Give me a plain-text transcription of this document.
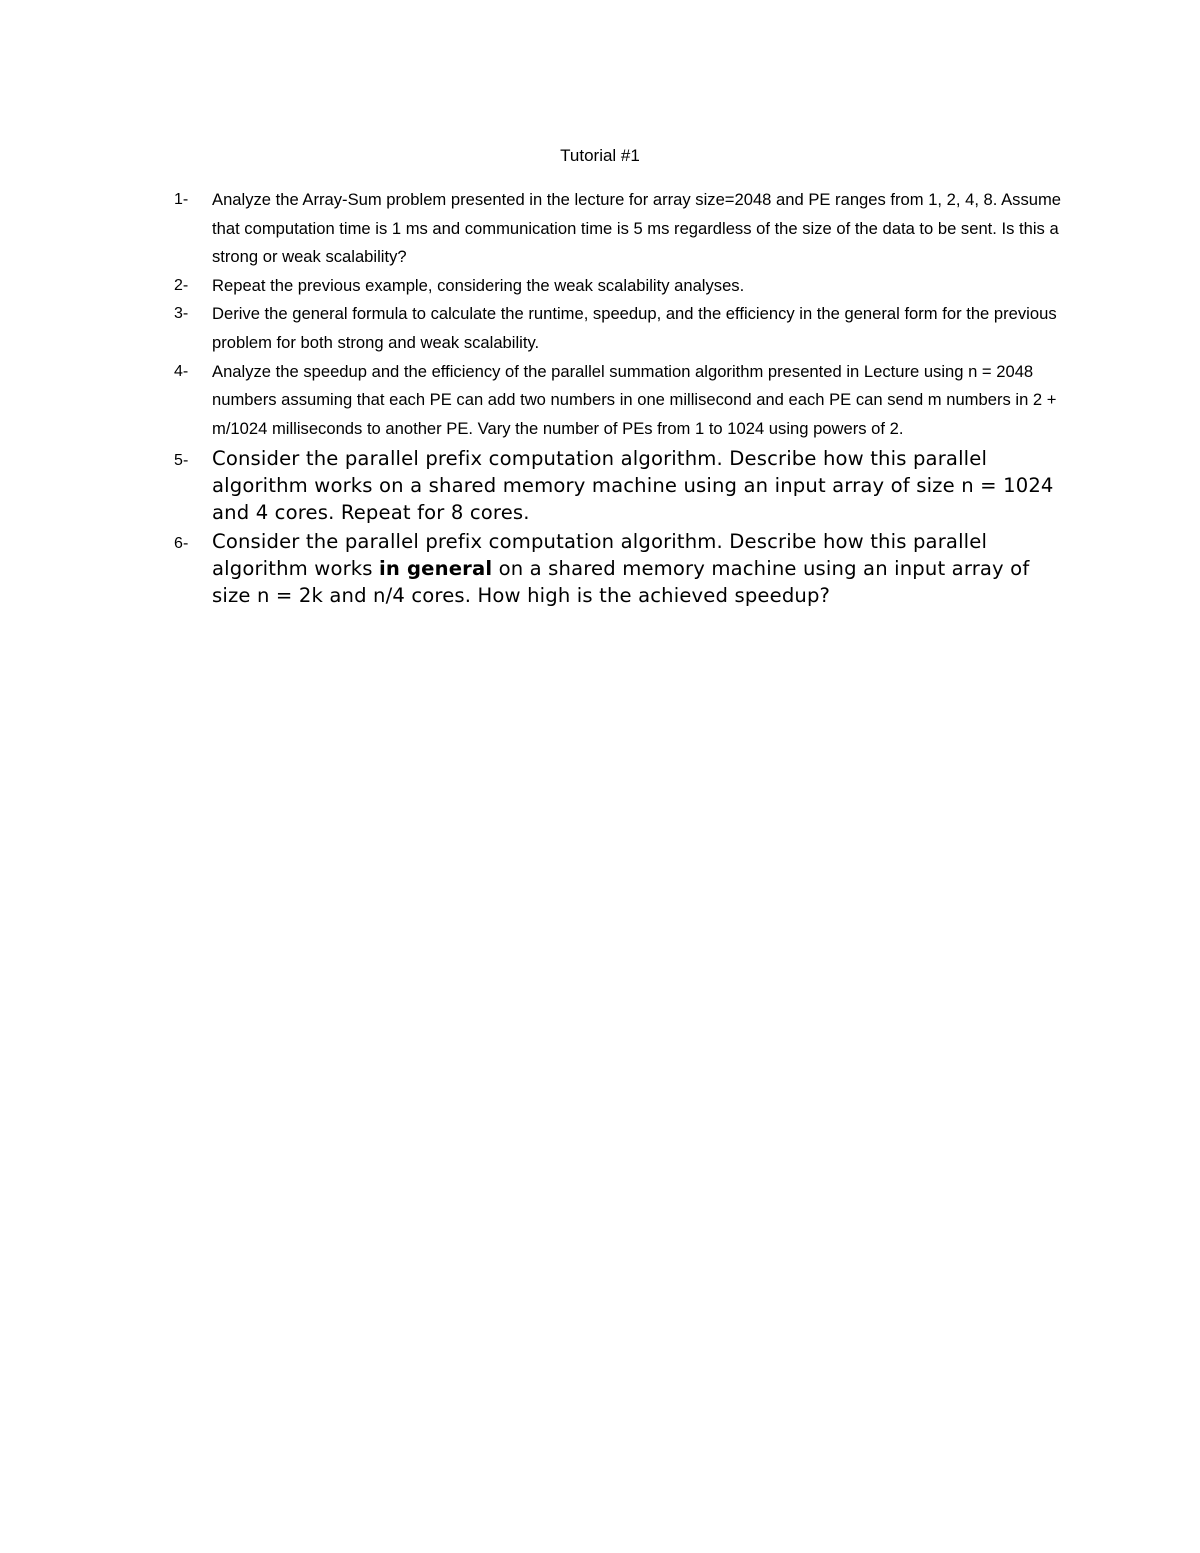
Tutorial #1
1-	Analyze the Array-Sum problem presented in the lecture for array size=2048 and PE ranges from 1, 2, 4, 8. Assume that computation time is 1 ms and communication time is 5 ms regardless of the size of the data to be sent. Is this a strong or weak scalability?
2-	Repeat the previous example, considering the weak scalability analyses.
3-	Derive the general formula to calculate the runtime, speedup, and the efficiency in the general form for the previous problem for both strong and weak scalability.
4-	Analyze the speedup and the efficiency of the parallel summation algorithm presented in Lecture using n = 2048 numbers assuming that each PE can add two numbers in one millisecond and each PE can send m numbers in 2 + m/1024 milliseconds to another PE. Vary the number of PEs from 1 to 1024 using powers of 2.
5-	Consider the parallel prefix computation algorithm. Describe how this parallel algorithm works on a shared memory machine using an input array of size n = 1024 and 4 cores. Repeat for 8 cores.
6-	Consider the parallel prefix computation algorithm. Describe how this parallel algorithm works in general on a shared memory machine using an input array of size n = 2k and n/4 cores. How high is the achieved speedup?
